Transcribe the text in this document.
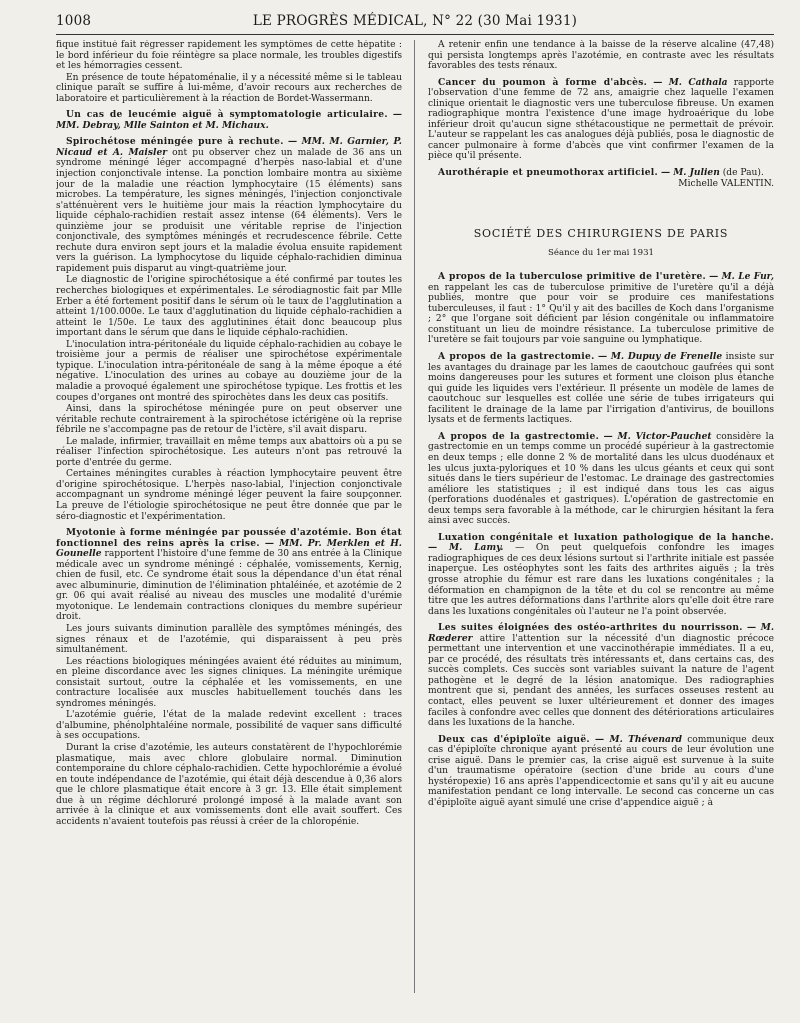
1008	LE PROGRÈS MÉDICAL, N° 22 (30 Mai 1931)

fique institué fait régresser rapidement les symptômes de cette hépatite : le bord inférieur du foie réintègre sa place normale, les troubles digestifs et les hémorragies cessent.

En présence de toute hépatoménalie, il y a nécessité même si le tableau clinique paraît se suffire à lui-même, d'avoir recours aux recherches de laboratoire et particulièrement à la réaction de Bordet-Wassermann.

Un cas de leucémie aiguë à symptomatologie articulaire. — MM. Debray, Mlle Sainton et M. Michaux.

Spirochétose méningée pure à rechute. — MM. M. Garnier, P. Nicaud et A. Maisler ont pu observer chez un malade de 36 ans un syndrome méningé léger accompagné d'herpès naso-labial et d'une injection conjonctivale intense. La ponction lombaire montra au sixième jour de la maladie une réaction lymphocytaire (15 éléments) sans microbes. La température, les signes méningés, l'injection conjonctivale s'atténuèrent vers le huitième jour mais la réaction lymphocytaire du liquide céphalo-rachidien restait assez intense (64 éléments). Vers le quinzième jour se produisit une véritable reprise de l'injection conjonctivale, des symptômes méningés et recrudescence fébrile. Cette rechute dura environ sept jours et la maladie évolua ensuite rapidement vers la guérison. La lymphocytose du liquide céphalo-rachidien diminua rapidement puis disparut au vingt-quatrième jour.

Le diagnostic de l'origine spirochétosique a été confirmé par toutes les recherches biologiques et expérimentales. Le sérodiagnostic fait par Mlle Erber a été fortement positif dans le sérum où le taux de l'agglutination a atteint 1/100.000e. Le taux d'agglutination du liquide céphalo-rachidien a atteint le 1/50e. Le taux des agglutinines était donc beaucoup plus important dans le sérum que dans le liquide céphalo-rachidien.

L'inoculation intra-péritonéale du liquide céphalo-rachidien au cobaye le troisième jour a permis de réaliser une spirochétose expérimentale typique. L'inoculation intra-péritonéale de sang à la même époque a été négative. L'inoculation des urines au cobaye au douzième jour de la maladie a provoqué également une spirochétose typique. Les frottis et les coupes d'organes ont montré des spirochètes dans les deux cas positifs.

Ainsi, dans la spirochétose méningée pure on peut observer une véritable rechute contrairement à la spirochétose ictérigène où la reprise fébrile ne s'accompagne pas de retour de l'ictère, s'il avait disparu.

Le malade, infirmier, travaillait en même temps aux abattoirs où a pu se réaliser l'infection spirochétosique. Les auteurs n'ont pas retrouvé la porte d'entrée du germe.

Certaines méningites curables à réaction lymphocytaire peuvent être d'origine spirochétosique. L'herpès naso-labial, l'injection conjonctivale accompagnant un syndrome méningé léger peuvent la faire soupçonner. La preuve de l'étiologie spirochétosique ne peut être donnée que par le séro-diagnostic et l'expérimentation.

Myotonie à forme méningée par poussée d'azotémie. Bon état fonctionnel des reins après la crise. — MM. Pr. Merklen et H. Gounelle rapportent l'histoire d'une femme de 30 ans entrée à la Clinique médicale avec un syndrome méningé : céphalée, vomissements, Kernig, chien de fusil, etc. Ce syndrome était sous la dépendance d'un état rénal avec albuminurie, diminution de l'élimination phtaléinée, et azotémie de 2 gr. 06 qui avait réalisé au niveau des muscles une modalité d'urémie myotonique. Le lendemain contractions cloniques du membre supérieur droit.

Les jours suivants diminution parallèle des symptômes méningés, des signes rénaux et de l'azotémie, qui disparaissent à peu près simultanément.

Les réactions biologiques méningées avaient été réduites au minimum, en pleine discordance avec les signes cliniques. La méningite urémique consistait surtout, outre la céphalée et les vomissements, en une contracture localisée aux muscles habituellement touchés dans les syndromes méningés.

L'azotémie guérie, l'état de la malade redevint excellent : traces d'albumine, phénolphtaléine normale, possibilité de vaquer sans difficulté à ses occupations.

Durant la crise d'azotémie, les auteurs constatèrent de l'hypochlorémie plasmatique, mais avec chlore globulaire normal. Diminution contemporaine du chlore céphalo-rachidien. Cette hypochlorémie a évolué en toute indépendance de l'azotémie, qui était déjà descendue à 0,36 alors que le chlore plasmatique était encore à 3 gr. 13. Elle était simplement due à un régime déchloruré prolongé imposé à la malade avant son arrivée à la clinique et aux vomissements dont elle avait souffert. Ces accidents n'avaient toutefois pas réussi à créer de la chloropénie.

A retenir enfin une tendance à la baisse de la réserve alcaline (47,48) qui persista longtemps après l'azotémie, en contraste avec les résultats favorables des tests rénaux.

Cancer du poumon à forme d'abcès. — M. Cathala rapporte l'observation d'une femme de 72 ans, amaigrie chez laquelle l'examen clinique orientait le diagnostic vers une tuberculose fibreuse. Un examen radiographique montra l'existence d'une image hydroaérique du lobe inférieur droit qu'aucun signe sthétacoustique ne permettait de prévoir. L'auteur se rappelant les cas analogues déjà publiés, posa le diagnostic de cancer pulmonaire à forme d'abcès que vint confirmer l'examen de la pièce qu'il présente.

Aurothérapie et pneumothorax artificiel. — M. Julien (de Pau).

Michelle VALENTIN.

SOCIÉTÉ DES CHIRURGIENS DE PARIS
Séance du 1er mai 1931

A propos de la tuberculose primitive de l'uretère. — M. Le Fur, en rappelant les cas de tuberculose primitive de l'uretère qu'il a déjà publiés, montre que pour voir se produire ces manifestations tuberculeuses, il faut : 1° Qu'il y ait des bacilles de Koch dans l'organisme ; 2° que l'organe soit déficient par lésion congénitale ou inflammatoire constituant un lieu de moindre résistance. La tuberculose primitive de l'uretère se fait toujours par voie sanguine ou lymphatique.

A propos de la gastrectomie. — M. Dupuy de Frenelle insiste sur les avantages du drainage par les lames de caoutchouc gaufrées qui sont moins dangereuses pour les sutures et forment une cloison plus étanche qui guide les liquides vers l'extérieur. Il présente un modèle de lames de caoutchouc sur lesquelles est collée une série de tubes irrigateurs qui facilitent le drainage de la lame par l'irrigation d'antivirus, de bouillons lysats et de ferments lactiques.

A propos de la gastrectomie. — M. Victor-Pauchet considère la gastrectomie en un temps comme un procédé supérieur à la gastrectomie en deux temps ; elle donne 2 % de mortalité dans les ulcus duodénaux et les ulcus juxta-pyloriques et 10 % dans les ulcus géants et ceux qui sont situés dans le tiers supérieur de l'estomac. Le drainage des gastrectomies améliore les statistiques ; il est indiqué dans tous les cas aigus (perforations duodénales et gastriques). L'opération de gastrectomie en deux temps sera favorable à la méthode, car le chirurgien hésitant la fera ainsi avec succès.

Luxation congénitale et luxation pathologique de la hanche. — M. Lamy. — On peut quelquefois confondre les images radiographiques de ces deux lésions surtout si l'arthrite initiale est passée inaperçue. Les ostéophytes sont les faits des arthrites aiguës ; la très grosse atrophie du fémur est rare dans les luxations congénitales ; la déformation en champignon de la tête et du col se rencontre au même titre que les autres déformations dans l'arthrite alors qu'elle doit être rare dans les luxations congénitales où l'auteur ne l'a point observée.

Les suites éloignées des ostéo-arthrites du nourrisson. — M. Rœderer attire l'attention sur la nécessité d'un diagnostic précoce permettant une intervention et une vaccinothérapie immédiates. Il a eu, par ce procédé, des résultats très intéressants et, dans certains cas, des succès complets. Ces succès sont variables suivant la nature de l'agent pathogène et le degré de la lésion anatomique. Des radiographies montrent que si, pendant des années, les surfaces osseuses restent au contact, elles peuvent se luxer ultérieurement et donner des images faciles à confondre avec celles que donnent des détériorations articulaires dans les luxations de la hanche.

Deux cas d'épiploïte aiguë. — M. Thévenard communique deux cas d'épiploïte chronique ayant présenté au cours de leur évolution une crise aiguë. Dans le premier cas, la crise aiguë est survenue à la suite d'un traumatisme opératoire (section d'une bride au cours d'une hystéropexie) 16 ans après l'appendicectomie et sans qu'il y ait eu aucune manifestation pendant ce long intervalle. Le second cas concerne un cas d'épiploïte aiguë ayant simulé une crise d'appendice aiguë ; à
